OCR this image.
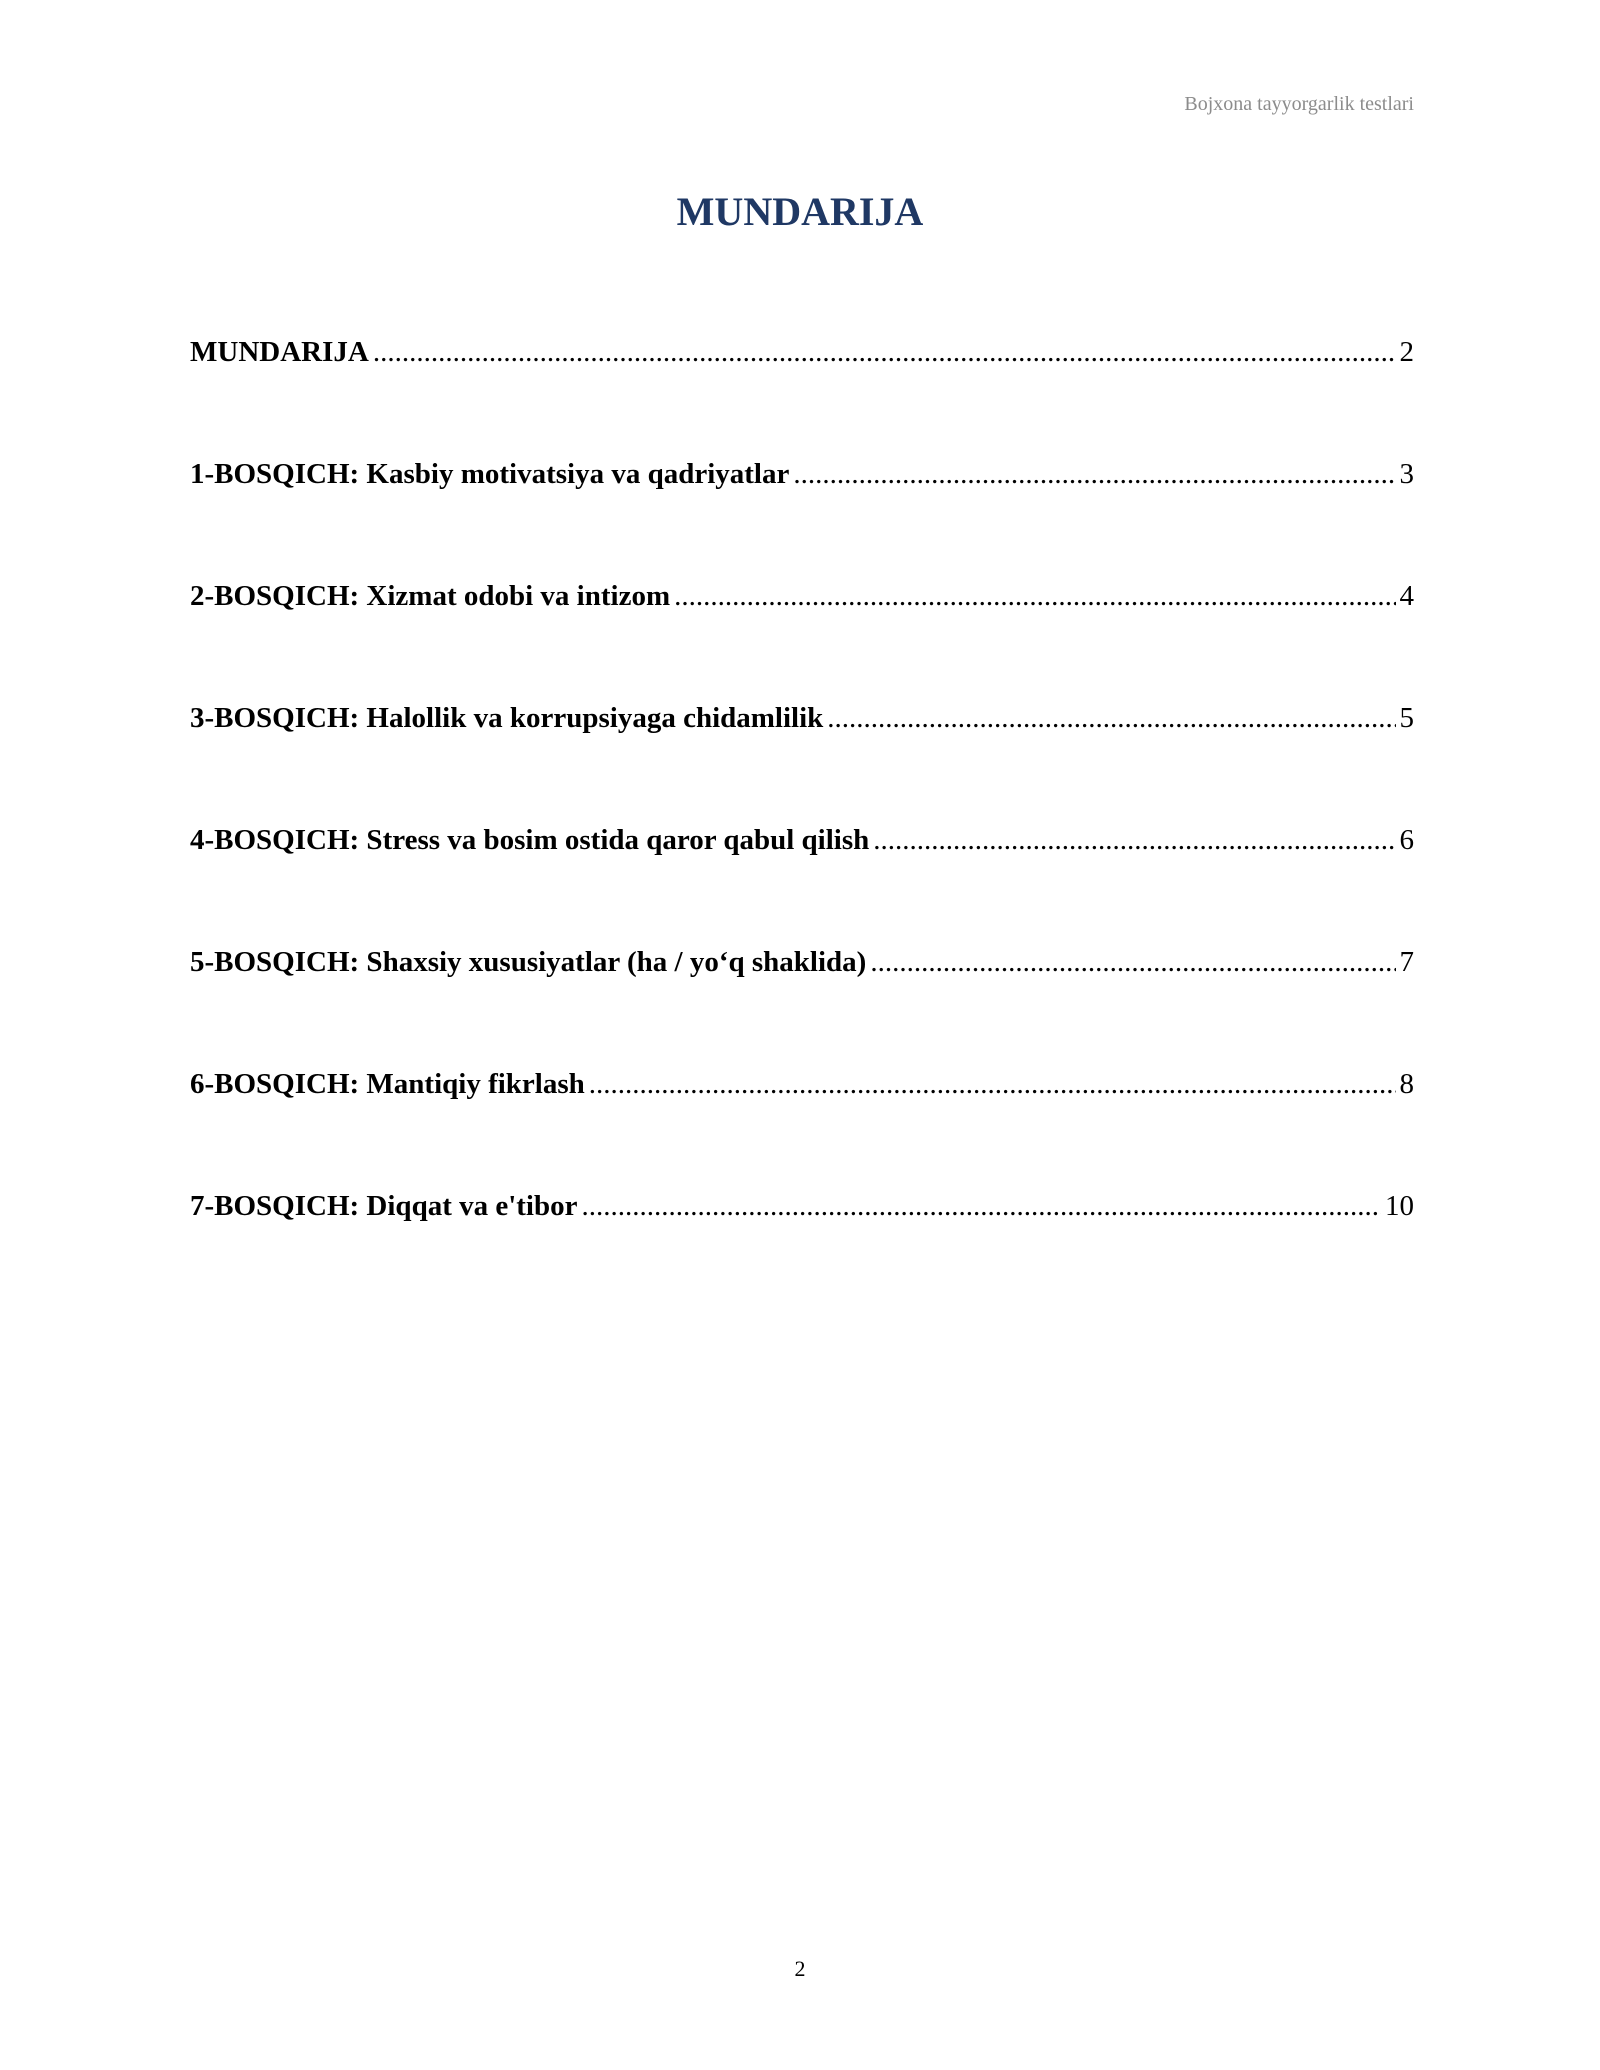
Bojxona tayyorgarlik testlari
MUNDARIJA
MUNDARIJA .....	2
1-BOSQICH: Kasbiy motivatsiya va qadriyatlar .....	3
2-BOSQICH: Xizmat odobi va intizom .....	4
3-BOSQICH: Halollik va korrupsiyaga chidamlilik .....	5
4-BOSQICH: Stress va bosim ostida qaror qabul qilish .....	6
5-BOSQICH: Shaxsiy xususiyatlar (ha / yo‘q shaklida) .....	7
6-BOSQICH: Mantiqiy fikrlash .....	8
7-BOSQICH: Diqqat va e'tibor .....	10
2
